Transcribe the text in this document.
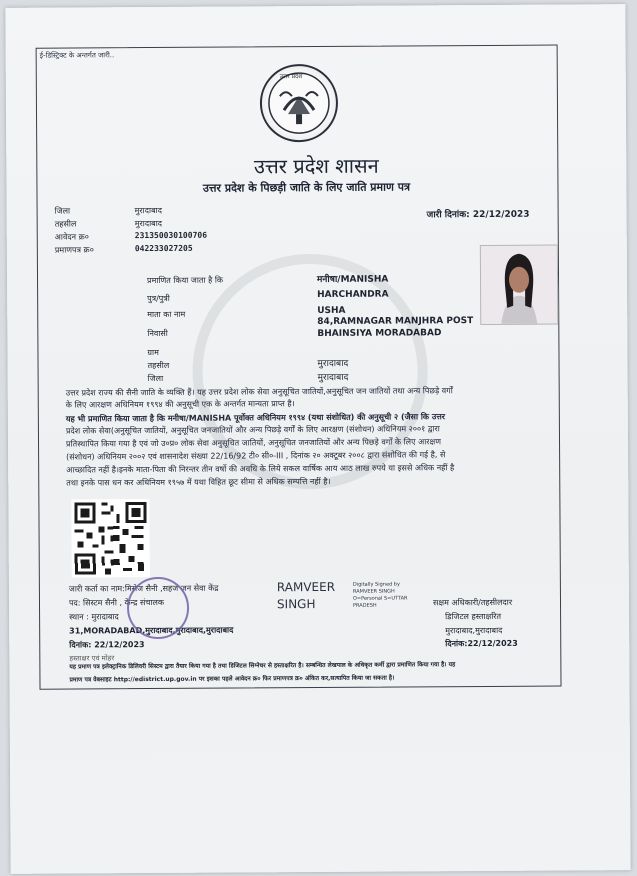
ई-डिस्ट्रिक्ट के अन्तर्गत जारी..
उत्तर प्रदेश
उत्तर प्रदेश शासन
उत्तर प्रदेश के पिछड़ी जाति के लिए जाति प्रमाण पत्र
जारी दिनांक: 22/12/2023
जिला	मुरादाबाद
तहसील	मुरादाबाद
आवेदन क्र०	231350030100706
प्रमाणपत्र क्र०	042233027205
प्रमाणित किया जाता है कि	मनीषा/MANISHA
पुत्र/पुत्री	HARCHANDRA
माता का नाम	USHA
निवासी
84,RAMNAGAR MANJHRA POST
BHAINSIYA MORADABAD
ग्राम
तहसील	मुरादाबाद
जिला	मुरादाबाद
उत्तर प्रदेश राज्य की सैनी जाति के व्यक्ति हैं। यह उत्तर प्रदेश लोक सेवा अनुसूचित जातियों,अनुसूचित जन जातियों तथा अन्य पिछड़े वर्गों
के लिए आरक्षण अधिनियम १९९४ की अनुसूची एक के अन्तर्गत मान्यता प्राप्त है।
यह भी प्रमाणित किया जाता है कि मनीषा/MANISHA पूर्वोक्त अधिनियम १९९४ (यथा संशोधित) की अनुसूची २ (जैसा कि उत्तर
प्रदेश लोक सेवा(अनुसूचित जातियों, अनुसूचित जनजातियों और अन्य पिछड़े वर्गों के लिए आरक्षण (संशोधन) अधिनियम २००१ द्वारा
प्रतिस्थापित किया गया है एवं जो उ०प्र० लोक सेवा अनुसूचित जातियों, अनुसूचित जनजातियों और अन्य पिछड़े वर्गों के लिए आरक्षण
(संशोधन) अधिनियम २००२ एवं शासनादेश संख्या 22/16/92 टी० सी०-III , दिनांक २० अक्टूबर २००८ द्वारा संशोधित की गई है, से
आच्छादित नहीं है।इनके माता-पिता की निरन्तर तीन वर्षो की अवधि के लिये सकल वार्षिक आय आठ लाख रुपये या इससे अधिक नहीं है
तथा इनके पास धन कर अधिनियम १९५७ में यथा विहित छूट सीमा से अधिक सम्पत्ति नहीं है।
जारी कर्ता का नाम:मिसेज सैनी ,सहज जन सेवा केंद्र
पद: सिस्टम सैनी , केन्द्र संचालक
स्थान : मुरादाबाद
31,MORADABAD,मुरादाबाद,मुरादाबाद,मुरादाबाद
दिनांक: 22/12/2023
हस्ताक्षर एवं मोहर
RAMVEER SINGH
Digitally Signed by RAMVEER SINGH O=Personal S=UTTAR PRADESH	सक्षम अधिकारी/तहसीलदार
डिजिटल हस्ताक्षरित
मुरादाबाद,मुरादाबाद
दिनांक:22/12/2023
यह प्रमाण पत्र इलेक्ट्रानिक डिलिवरी सिस्टम द्वारा तैयार किया गया है तथा डिजिटल सिग्नेचर से हस्ताक्षरित है। सम्बन्धित लेखपाल के अधिकृत कर्मी द्वारा प्रमाणित किया गया है। यह
प्रमाण पत्र वेबसाइट http://edistrict.up.gov.in पर इसका पहले आवेदन क्र० फिर प्रमाणपत्र क्र० अंकित कर,सत्यापित किया जा सकता है।
